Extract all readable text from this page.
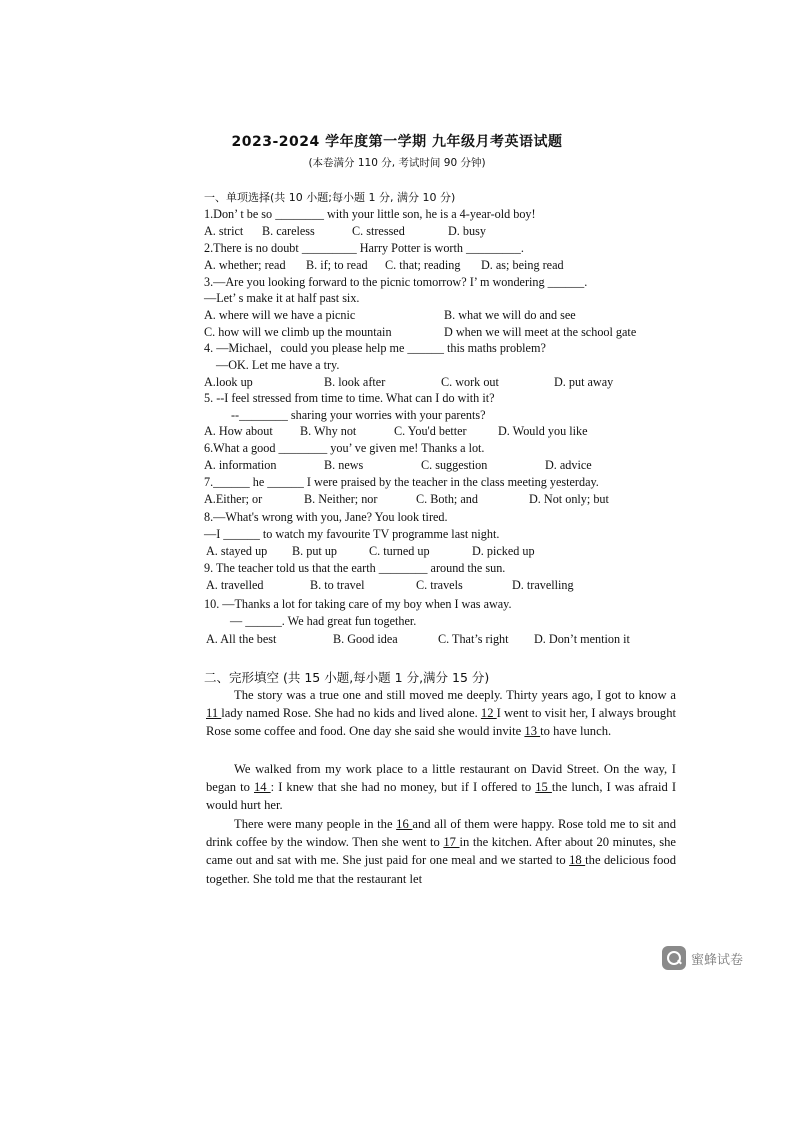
2023-2024 学年度第一学期 九年级月考英语试题
(本卷满分 110 分, 考试时间 90 分钟)
一、单项选择(共 10 小题;每小题 1 分, 满分 10 分)
1.Don’ t be so ________ with your little son, he is a 4-year-old boy!
A. strict B. careless	C. stressed	D. busy
2.There is no doubt _________ Harry Potter is worth _________.
A. whether; read B. if; to read C. that; reading D. as; being read
3.—Are you looking forward to the picnic tomorrow? I’ m wondering ______.
—Let’ s make it at half past six.
A. where will we have a picnic	B. what we will do and see
C. how will we climb up the mountain	D when we will meet at the school gate
4. —Michael，could you please help me ______ this maths problem?
—OK. Let me have a try.
A.look up	B. look after	C. work out	D. put away
5. --I feel stressed from time to time. What can I do with it?
--________ sharing your worries with your parents?
A. How about B. Why not	C. You'd better	D. Would you like
6.What a good ________ you’ ve given me! Thanks a lot.
A. information	B. news	C. suggestion	D. advice
7.______ he ______ I were praised by the teacher in the class meeting yesterday.
A.Either; or	B. Neither; nor	C. Both; and	D. Not only; but
8.—What's wrong with you, Jane? You look tired.
—I ______ to watch my favourite TV programme last night.
A. stayed up B. put up	C. turned up	D. picked up
9. The teacher told us that the earth ________ around the sun.
A. travelled	B. to travel	C. travels	D. travelling
10. —Thanks a lot for taking care of my boy when I was away.
— ______. We had great fun together.
A. All the best	B. Good idea	C. That’s right D. Don’t mention it
二、完形填空 (共 15 小题,每小题 1 分,满分 15 分)
The story was a true one and still moved me deeply. Thirty years ago, I got to know a 11 lady named Rose. She had no kids and lived alone. 12 I went to visit her, I always brought Rose some coffee and food. One day she said she would invite 13 to have lunch.
We walked from my work place to a little restaurant on David Street. On the way, I began to 14 : I knew that she had no money, but if I offered to 15 the lunch, I was afraid I would hurt her.
There were many people in the 16 and all of them were happy. Rose told me to sit and drink coffee by the window. Then she went to 17 in the kitchen. After about 20 minutes, she came out and sat with me. She just paid for one meal and we started to 18 the delicious food together. She told me that the restaurant let
蜜蜂试卷
